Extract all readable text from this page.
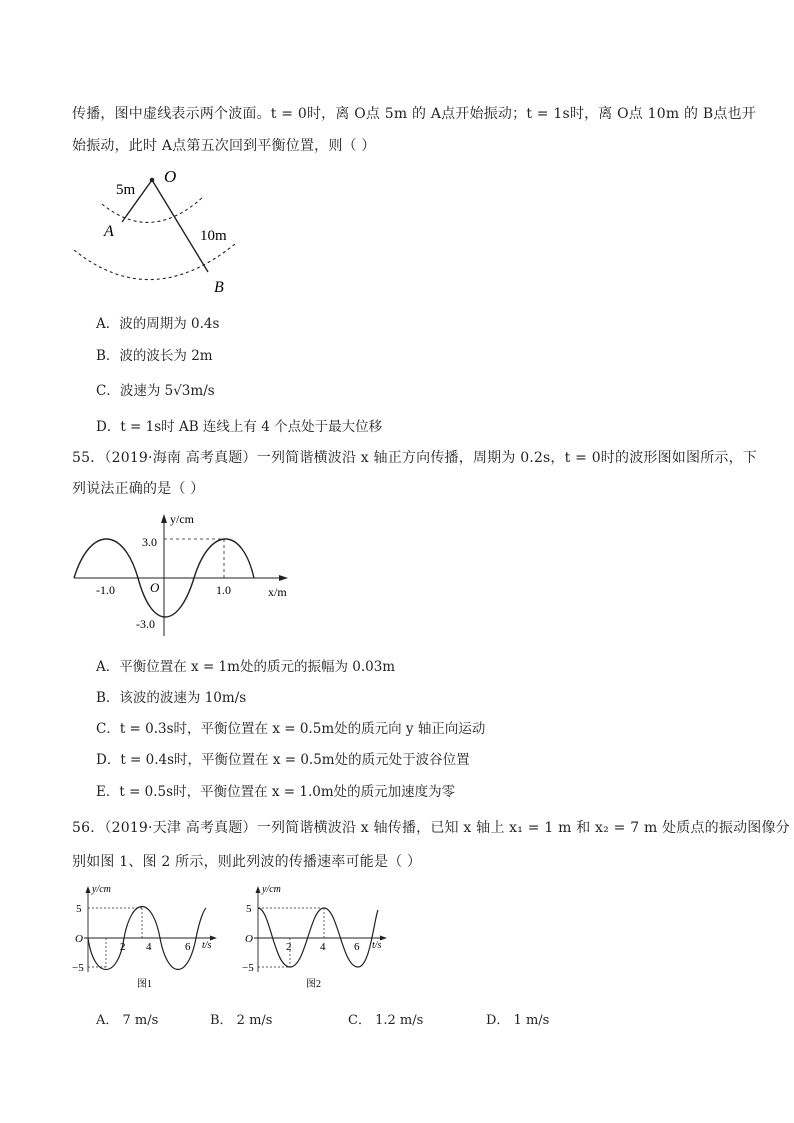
传播，图中虚线表示两个波面。t = 0时，离 O点 5m 的 A点开始振动；t = 1s时，离 O点 10m 的 B点也开
始振动，此时 A点第五次回到平衡位置，则（ ）
O
5m
A	10m
B
A．波的周期为 0.4s
B．波的波长为 2m
C．波速为 5√3m/s
D．t = 1s时 AB 连线上有 4 个点处于最大位移
55．（2019·海南 高考真题）一列简谐横波沿 x 轴正方向传播，周期为 0.2s，t = 0时的波形图如图所示，下
列说法正确的是（ ）
y/cm
3.0
O
-1.0	1.0	x/m
-3.0
A．平衡位置在 x = 1m处的质元的振幅为 0.03m
B．该波的波速为 10m/s
C．t = 0.3s时，平衡位置在 x = 0.5m处的质元向 y 轴正向运动
D．t = 0.4s时，平衡位置在 x = 0.5m处的质元处于波谷位置
E．t = 0.5s时，平衡位置在 x = 1.0m处的质元加速度为零
56．（2019·天津 高考真题）一列简谐横波沿 x 轴传播，已知 x 轴上 x₁ = 1 m 和 x₂ = 7 m 处质点的振动图像分
别如图 1、图 2 所示，则此列波的传播速率可能是（ ）
y/cm
5
O
−5
2 4	6 t/s
图1
y/cm
5
O
−5
2	4	6 t/s
图2
A． 7 m/s	B． 2 m/s	C． 1.2 m/s	D． 1 m/s
